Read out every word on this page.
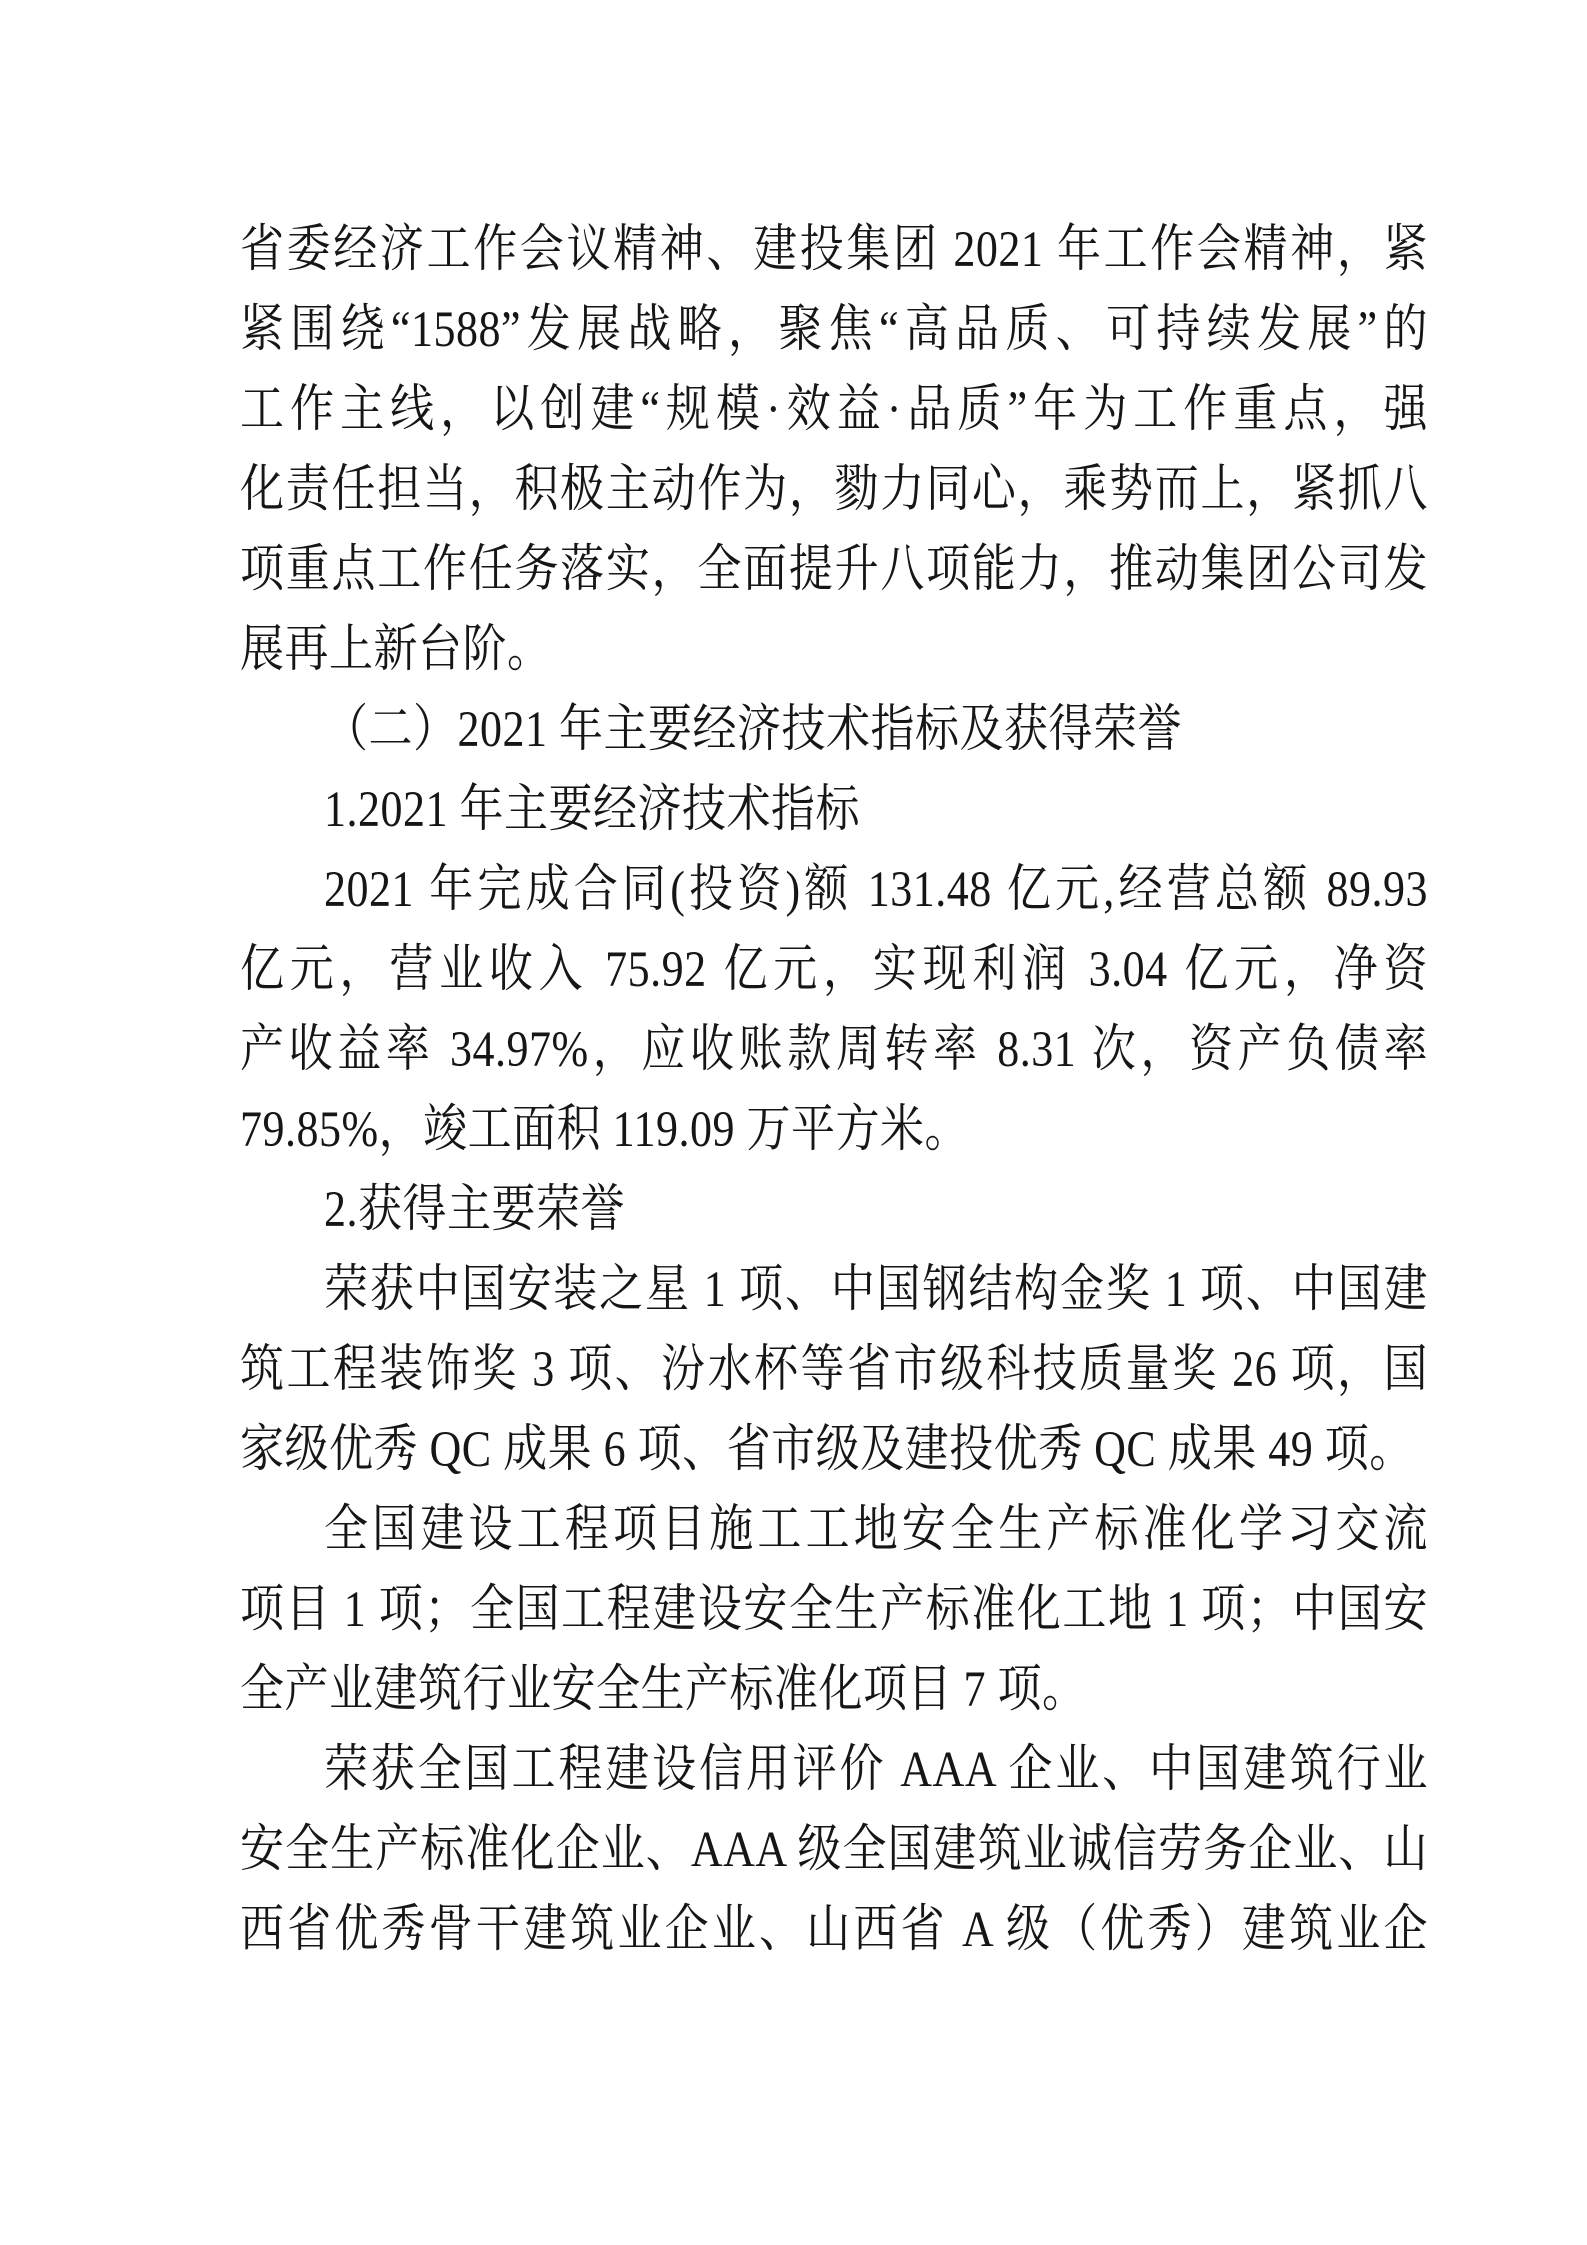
省委经济工作会议精神、建投集团 2021 年工作会精神，紧
紧围绕“1588”发展战略，聚焦“高品质、可持续发展”的
工作主线，以创建“规模·效益·品质”年为工作重点，强
化责任担当，积极主动作为，勠力同心，乘势而上，紧抓八
项重点工作任务落实，全面提升八项能力，推动集团公司发
展再上新台阶。
（二）2021 年主要经济技术指标及获得荣誉
1.2021 年主要经济技术指标
2021 年完成合同(投资)额 131.48 亿元,经营总额 89.93
亿元，营业收入 75.92 亿元，实现利润 3.04 亿元，净资
产收益率 34.97%，应收账款周转率 8.31 次，资产负债率
79.85%，竣工面积 119.09 万平方米。
2.获得主要荣誉
荣获中国安装之星 1 项、中国钢结构金奖 1 项、中国建
筑工程装饰奖 3 项、汾水杯等省市级科技质量奖 26 项，国
家级优秀 QC 成果 6 项、省市级及建投优秀 QC 成果 49 项。
全国建设工程项目施工工地安全生产标准化学习交流
项目 1 项；全国工程建设安全生产标准化工地 1 项；中国安
全产业建筑行业安全生产标准化项目 7 项。
荣获全国工程建设信用评价 AAA 企业、中国建筑行业
安全生产标准化企业、AAA 级全国建筑业诚信劳务企业、山
西省优秀骨干建筑业企业、山西省 A 级（优秀）建筑业企
